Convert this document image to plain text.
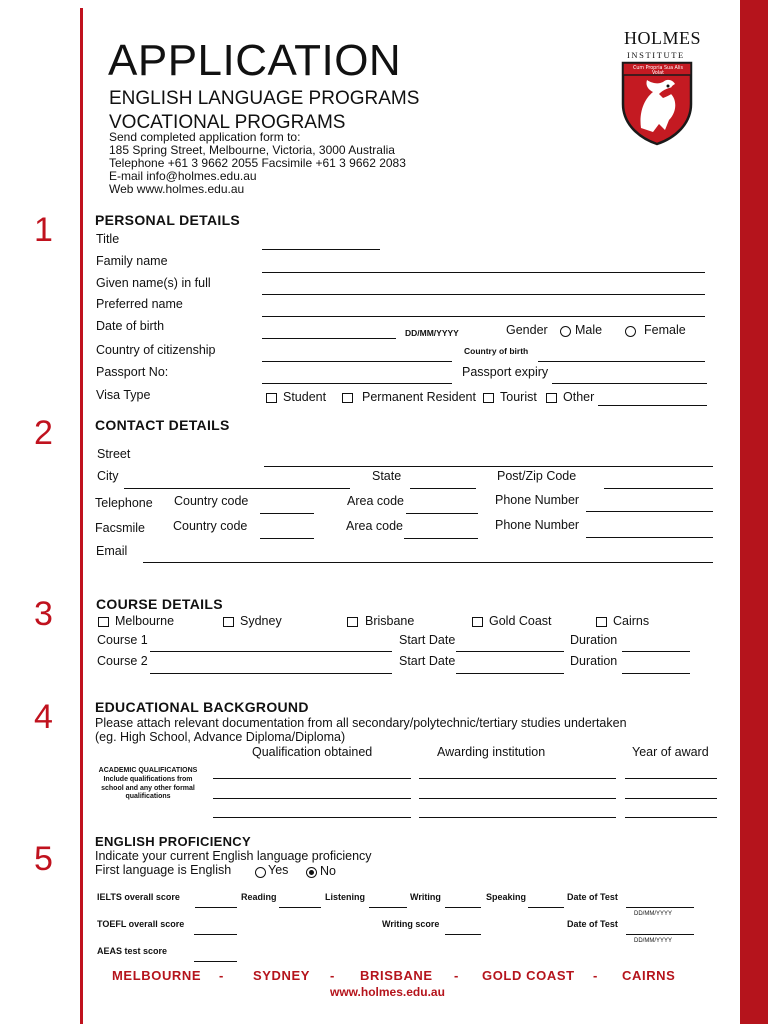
APPLICATION
ENGLISH LANGUAGE PROGRAMS
VOCATIONAL PROGRAMS
Send completed application form to:
185 Spring Street, Melbourne, Victoria, 3000 Australia
Telephone +61 3 9662 2055 Facsimile +61 3 9662 2083
E-mail info@holmes.edu.au
Web www.holmes.edu.au
HOLMES
INSTITUTE
Cum Propria Sua Alis Volat
1
2
3
4
5
PERSONAL DETAILS
Title
Family name
Given name(s) in full
Preferred name
Date of birth	DD/MM/YYYY	Gender Male	Female
Country of citizenship	Country of birth
Passport No:	Passport expiry
Visa Type	Student	Permanent Resident Tourist Other
CONTACT DETAILS
Street
City	State	Post/Zip Code
Telephone Country code	Area code	Phone Number
Facsmile Country code	Area code	Phone Number
Email
COURSE DETAILS
Melbourne	Sydney	Brisbane	Gold Coast	Cairns
Course 1	Start Date	Duration
Course 2	Start Date	Duration
EDUCATIONAL BACKGROUND
Please attach relevant documentation from all secondary/polytechnic/tertiary studies undertaken
(eg. High School, Advance Diploma/Diploma)
Qualification obtained	Awarding institution	Year of award
ACADEMIC QUALIFICATIONS
Include qualifications from school and any other formal qualifications
ENGLISH PROFICIENCY
Indicate your current English language proficiency
First language is English	Yes	No
IELTS overall score	Reading	Listening	Writing	Speaking	Date of Test
DD/MM/YYYY
TOEFL overall score	Writing score	Date of Test
DD/MM/YYYY
AEAS test score
MELBOURNE - SYDNEY - BRISBANE - GOLD COAST - CAIRNS
www.holmes.edu.au
